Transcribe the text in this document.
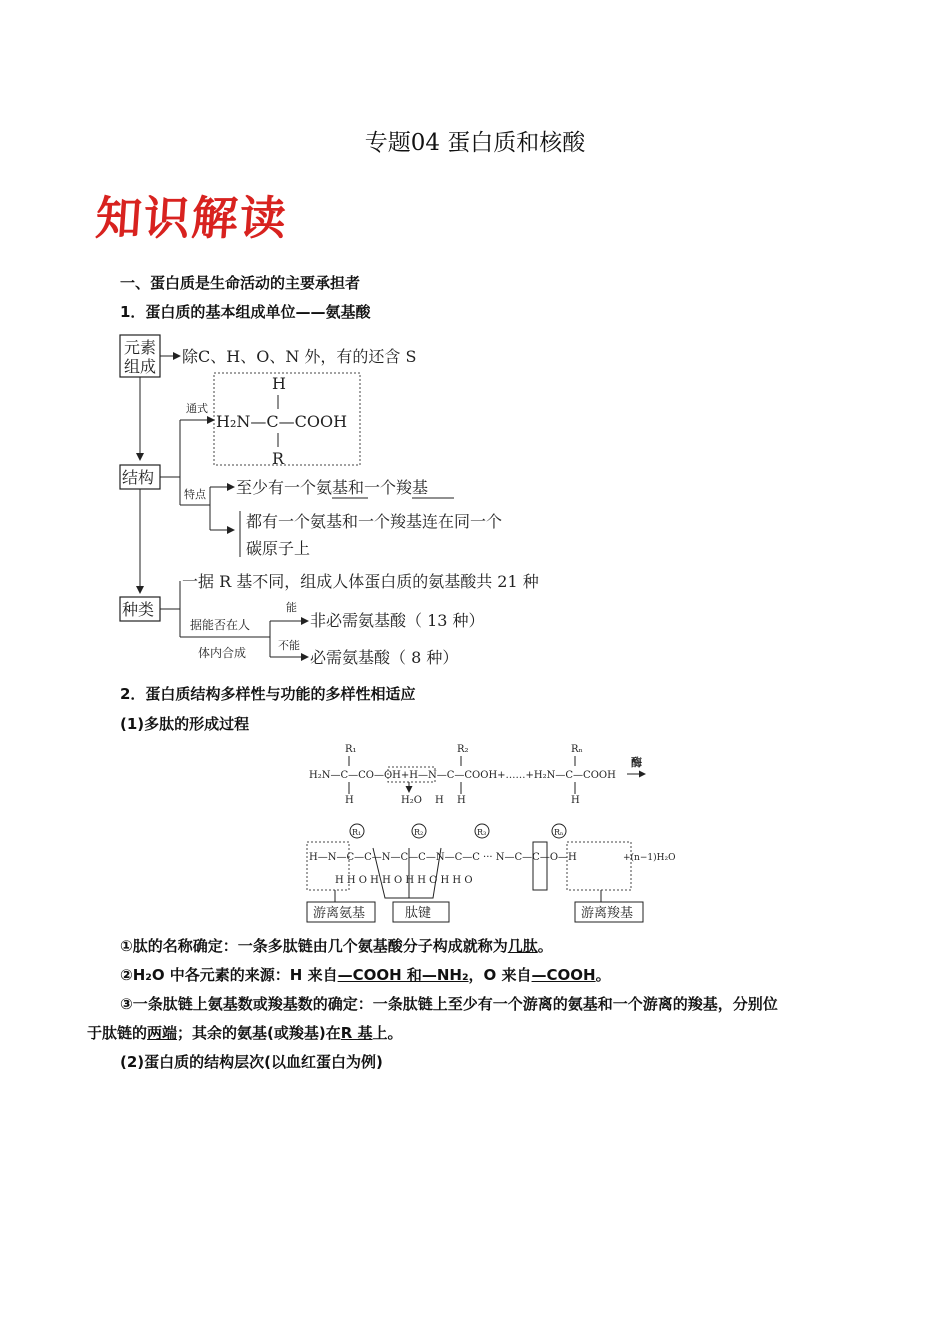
专题04 蛋白质和核酸
知识解读
一、蛋白质是生命活动的主要承担者
1．蛋白质的基本组成单位——氨基酸
元素
组成
除C、H、O、N 外，有的还含 S
结构
通式
H
H₂N—C—COOH
R
特点 至少有一个氨基和一个羧基
都有一个氨基和一个羧基连在同一个
碳原子上
种类
一据 R 基不同，组成人体蛋白质的氨基酸共 21 种
据能否在人
体内合成
能
非必需氨基酸（ 13 种）
不能
必需氨基酸（ 8 种）
2．蛋白质结构多样性与功能的多样性相适应
(1)多肽的形成过程
R₁	R₂	Rₙ
H₂N—C—CO—OH+H—N—C—COOH+……+H₂N—C—COOH
H	H H	H
H₂O
酶
R₁	R₂	R₃	Rₙ
H—N—C—C—N—C—C—N—C—C ··· N—C—C—O—H	+(n−1)H₂O
H H O H H O H H O H H O
游离氨基	肽键	游离羧基
①肽的名称确定：一条多肽链由几个氨基酸分子构成就称为几肽。
②H₂O 中各元素的来源：H 来自—COOH 和—NH₂，O 来自—COOH。
③一条肽链上氨基数或羧基数的确定：一条肽链上至少有一个游离的氨基和一个游离的羧基，分别位
于肽链的两端；其余的氨基(或羧基)在R 基上。
(2)蛋白质的结构层次(以血红蛋白为例)
